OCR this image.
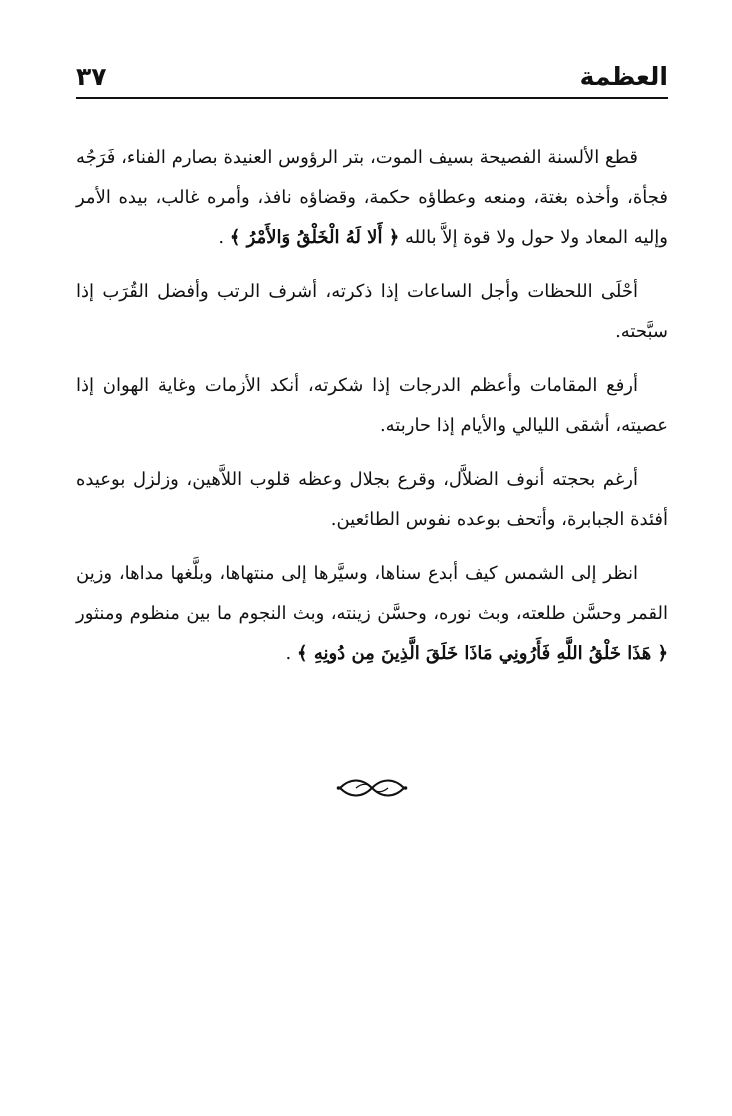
العظمة
٣٧

قطع الألسنة الفصيحة بسيف الموت، بتر الرؤوس العنيدة بصارم الفناء، فَرَجُه فجأة، وأخذه بغتة، ومنعه وعطاؤه حكمة، وقضاؤه نافذ، وأمره غالب، بيده الأمر وإليه المعاد ولا حول ولا قوة إلاَّ بالله ﴿ أَلا لَهُ الْخَلْقُ وَالأَمْرُ ﴾ .

أحْلَى اللحظات وأجل الساعات إذا ذكرته، أشرف الرتب وأفضل القُرَب إذا سبَّحته.

أرفع المقامات وأعظم الدرجات إذا شكرته، أنكد الأزمات وغاية الهوان إذا عصيته، أشقى الليالي والأيام إذا حاربته.

أرغم بحجته أنوف الضلاَّل، وقرع بجلال وعظه قلوب اللاَّهين، وزلزل بوعيده أفئدة الجبابرة، وأتحف بوعده نفوس الطائعين.

انظر إلى الشمس كيف أبدع سناها، وسيَّرها إلى منتهاها، وبلَّغها مداها، وزين القمر وحسَّن طلعته، وبث نوره، وحسَّن زينته، وبث النجوم ما بين منظوم ومنثور ﴿ هَذَا خَلْقُ اللَّهِ فَأَرُونِي مَاذَا خَلَقَ الَّذِينَ مِن دُونِهِ ﴾ .
